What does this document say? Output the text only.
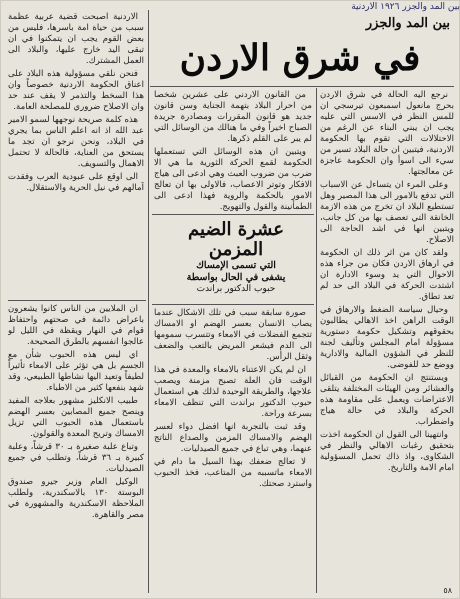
بين المد والجزر ١٩٢٦ الاردنية
بين المد والجزر
في شرق الاردن

نرجع اليه الحالة في شرق الاردن بحرج مانعول اسمبعون تيرسجي ان للمس النظر في الاسس التي عليه يجب ان يبني البناء عن الرغم من الاحتلالات التي تقوم بها الحكومة الاردنية، فيتبين ان حالة البلاد تسير من سيء الى اسوأ وان الحكومة عاجزة عن معالجتها.

وعلى المرء ان يتساءل عن الاسباب التي تدفع بالامور الى هذا المصير وهل تستطيع البلاد ان تخرج من هذه الازمة الخانقة التي تعصف بها من كل جانب، ويتبين انها في اشد الحاجة الى الاصلاح.

ولقد كان من اثر ذلك ان الحكومة في ارهاق الاردن فكان من جراء هذه الاحوال التي يد وسوء الادارة ان اشتدت الحركة في البلاد الى حد لم تعد تطاق.

وحيال سياسة الضغط والارهاق في الوقت الراهن اخذ الاهالي يطالبون بحقوقهم وتشكيل حكومة دستورية مسؤولة امام المجلس وتأليف لجنة للنظر في الشؤون المالية والادارية ووضع حد للفوضى.

ويستنتج ان الحكومة من القبائل والعشائر ومن الهيئات المختلفة يتلقى الاعتراضات ويعمل على مقاومة هذه الحركة والبلاد في حالة هياج واضطراب.

وانتهينا الى القول ان الحكومة اخذت بتحقيق رغبات الاهالي والنظر في الشكاوى، واذ ذاك تحمل المسؤولية امام الامة والتاريخ.

من القانون الاردني على عشرين شخصاً من احرار البلاد بتهمة الجناية وسن قانون جديد هو قانون المقررات ومصادرة جريدة الصباح اخيراً وفي ما هنالك من الوسائل التي لم يبر على القلم ذكرها.

ويتبين ان هذه الوسائل التي تستعملها الحكومة لقمع الحركة الثورية ما هي الا ضرب من ضروب العبث وهي ادعى الى هياج الافكار وتوتر الاعصاب، فالاولى بها ان تعالج الامور بالحكمة والروية فهذا ادعى الى الطمأنينة والقول والتهويج.

عشرة الضيم المزمن
التي تسمى الإمساك
يشفى في الحال بواسطة
حبوب الدكتور براندت

صورة سابقة سبب في تلك الاشكال عندما يصاب الانسان بعسر الهضم او الامساك تتجمع الفضلات في الامعاء وتتسرب سمومها الى الدم فيشعر المريض بالتعب والضعف وثقل الرأس.

ان لم يكن الاعتناء بالامعاء والمعدة في هذا الوقت فان العلة تصبح مزمنة ويصعب علاجها، والطريقة الوحيدة لذلك هي استعمال حبوب الدكتور براندت التي تنظف الامعاء بسرعة وراحة.

وقد ثبت بالتجربة انها افضل دواء لعسر الهضم والامساك المزمن والصداع الناتج عنهما، وهي تباع في جميع الصيدليات.

لا تعالج ضعفك بهذا السيل ما دام في الامعاء ماتسببه من المتاعب، فخذ الحبوب واسترد صحتك.

الاردنية اصبحت قضية عربية عظمة سبب من حياة امة باسرها، فليس من بعض القوم يجب ان يتمكنوا في ان تبقى اليد خارج عليها، والبلاد الى العمل المشترك.

فنحن نلقي مسؤولية هذه البلاد على اعناق الحكومة الاردنية خصوصاً وان هذا السخط والتذمر لا يقف عند حد وان الاصلاح ضروري للمصلحة العامة.

هذه كلمة صريحة نوجهها لسمو الامير عبد الله اذ انه اعلم الناس بما يجري في البلاد، ونحن نرجو ان تجد ما يستحق من العناية، فالحالة لا تحتمل الاهمال والتسويف.

الى اوقع على عبودية العرب وفقدت آمالهم في نيل الحرية والاستقلال.

ان الملايين من الناس كانوا يشعرون باعراض دائمة في صحتهم واحتفاظ قوام في النهار ويقظة في الليل لو عالجوا انفسهم بالطرق الصحيحة.

اي ليس هذه الحبوب شأن مع الجسم بل هي تؤثر على الامعاء تأثيراً لطيفاً وتعيد اليها نشاطها الطبيعي، وقد شهد بنفعها كثير من الاطباء.

طبيب الانكليز مشهور بعلاجه المفيد وينصح جميع المصابين بعسر الهضم باستعمال هذه الحبوب التي تزيل الامساك وتريح المعدة والقولون.

وتباع علبة صغيرة بـ ٣٠ قرشاً، وعلبة كبيرة بـ ٣٦ قرشاً، وتطلب في جميع الصيدليات.

الوكيل العام وزير جيرو صندوق البوستة ١٣٠ بالاسكندرية، ولطلب الملاحظة الاسكندرية والمشهورة في مصر والقاهرة.

٥٨
